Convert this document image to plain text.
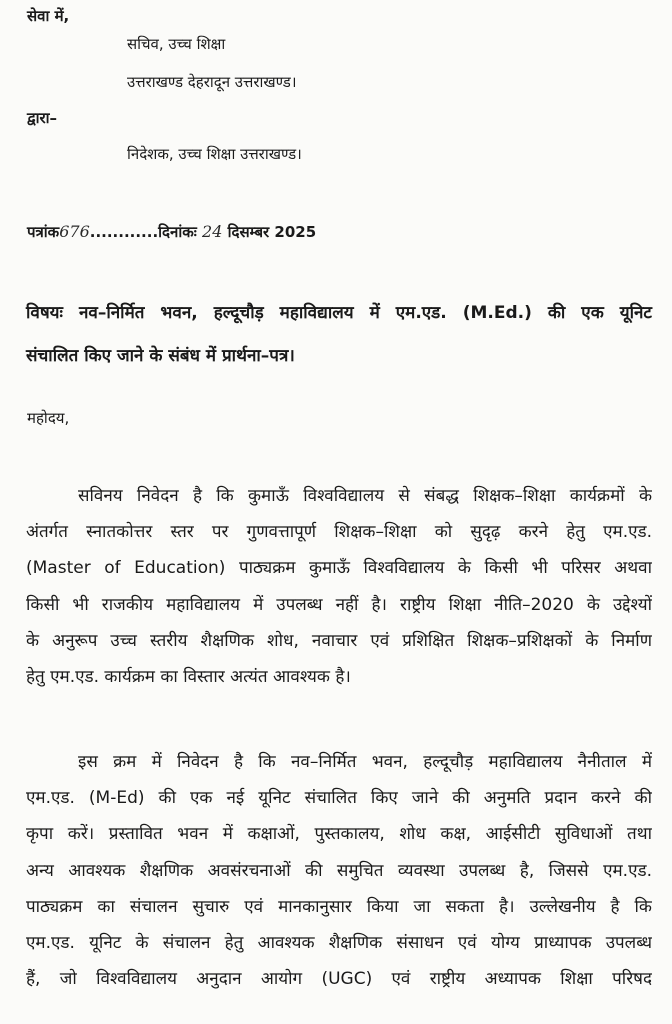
सेवा में,
सचिव, उच्च शिक्षा
उत्तराखण्ड देहरादून उत्तराखण्ड।
द्वारा–
निदेशक, उच्च शिक्षा उत्तराखण्ड।
पत्रांक676............दिनांकः 24 दिसम्बर 2025
विषयः नव–निर्मित भवन, हल्दूचौड़ महाविद्यालय में एम.एड. (M.Ed.) की एक यूनिट
संचालित किए जाने के संबंध में प्रार्थना–पत्र।
महोदय,
सविनय निवेदन है कि कुमाऊँ विश्वविद्यालय से संबद्ध शिक्षक–शिक्षा कार्यक्रमों के
अंतर्गत स्नातकोत्तर स्तर पर गुणवत्तापूर्ण शिक्षक–शिक्षा को सुदृढ़ करने हेतु एम.एड.
(Master of Education) पाठ्यक्रम कुमाऊँ विश्वविद्यालय के किसी भी परिसर अथवा
किसी भी राजकीय महाविद्यालय में उपलब्ध नहीं है। राष्ट्रीय शिक्षा नीति–2020 के उद्देश्यों
के अनुरूप उच्च स्तरीय शैक्षणिक शोध, नवाचार एवं प्रशिक्षित शिक्षक–प्रशिक्षकों के निर्माण
हेतु एम.एड. कार्यक्रम का विस्तार अत्यंत आवश्यक है।
इस क्रम में निवेदन है कि नव–निर्मित भवन, हल्दूचौड़ महाविद्यालय नैनीताल में
एम.एड. (M-Ed) की एक नई यूनिट संचालित किए जाने की अनुमति प्रदान करने की
कृपा करें। प्रस्तावित भवन में कक्षाओं, पुस्तकालय, शोध कक्ष, आईसीटी सुविधाओं तथा
अन्य आवश्यक शैक्षणिक अवसंरचनाओं की समुचित व्यवस्था उपलब्ध है, जिससे एम.एड.
पाठ्यक्रम का संचालन सुचारु एवं मानकानुसार किया जा सकता है। उल्लेखनीय है कि
एम.एड. यूनिट के संचालन हेतु आवश्यक शैक्षणिक संसाधन एवं योग्य प्राध्यापक उपलब्ध
हैं, जो विश्वविद्यालय अनुदान आयोग (UGC) एवं राष्ट्रीय अध्यापक शिक्षा परिषद
